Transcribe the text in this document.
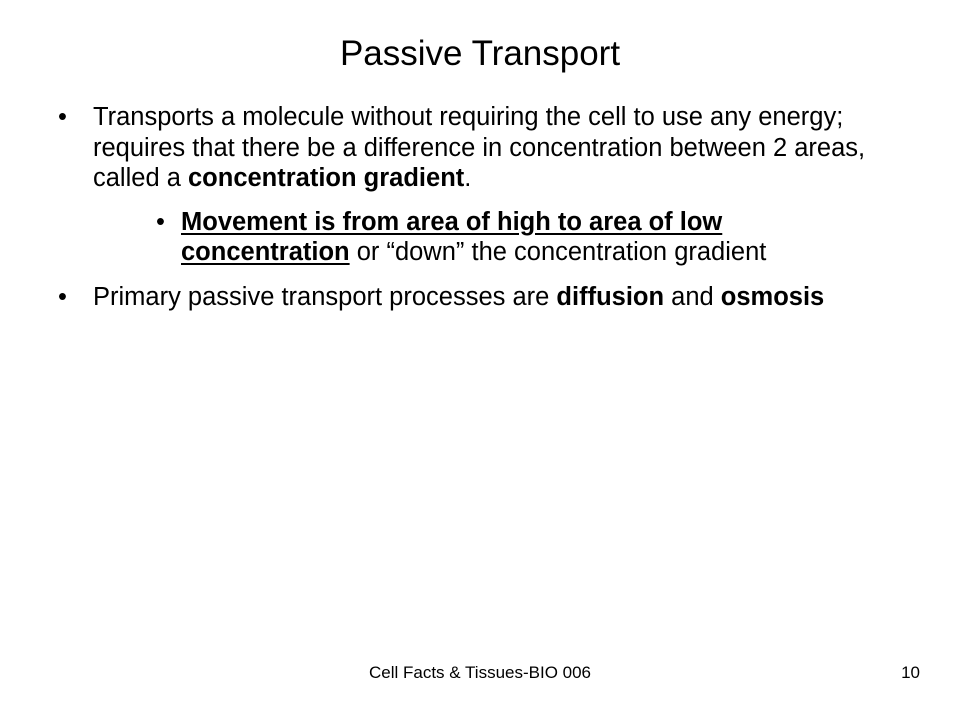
Passive Transport
• Transports a molecule without requiring the cell to use any energy; requires that there be a difference in concentration between 2 areas, called a concentration gradient.
• Movement is from area of high to area of low concentration or “down” the concentration gradient
• Primary passive transport processes are diffusion and osmosis
Cell Facts & Tissues-BIO 006	10
